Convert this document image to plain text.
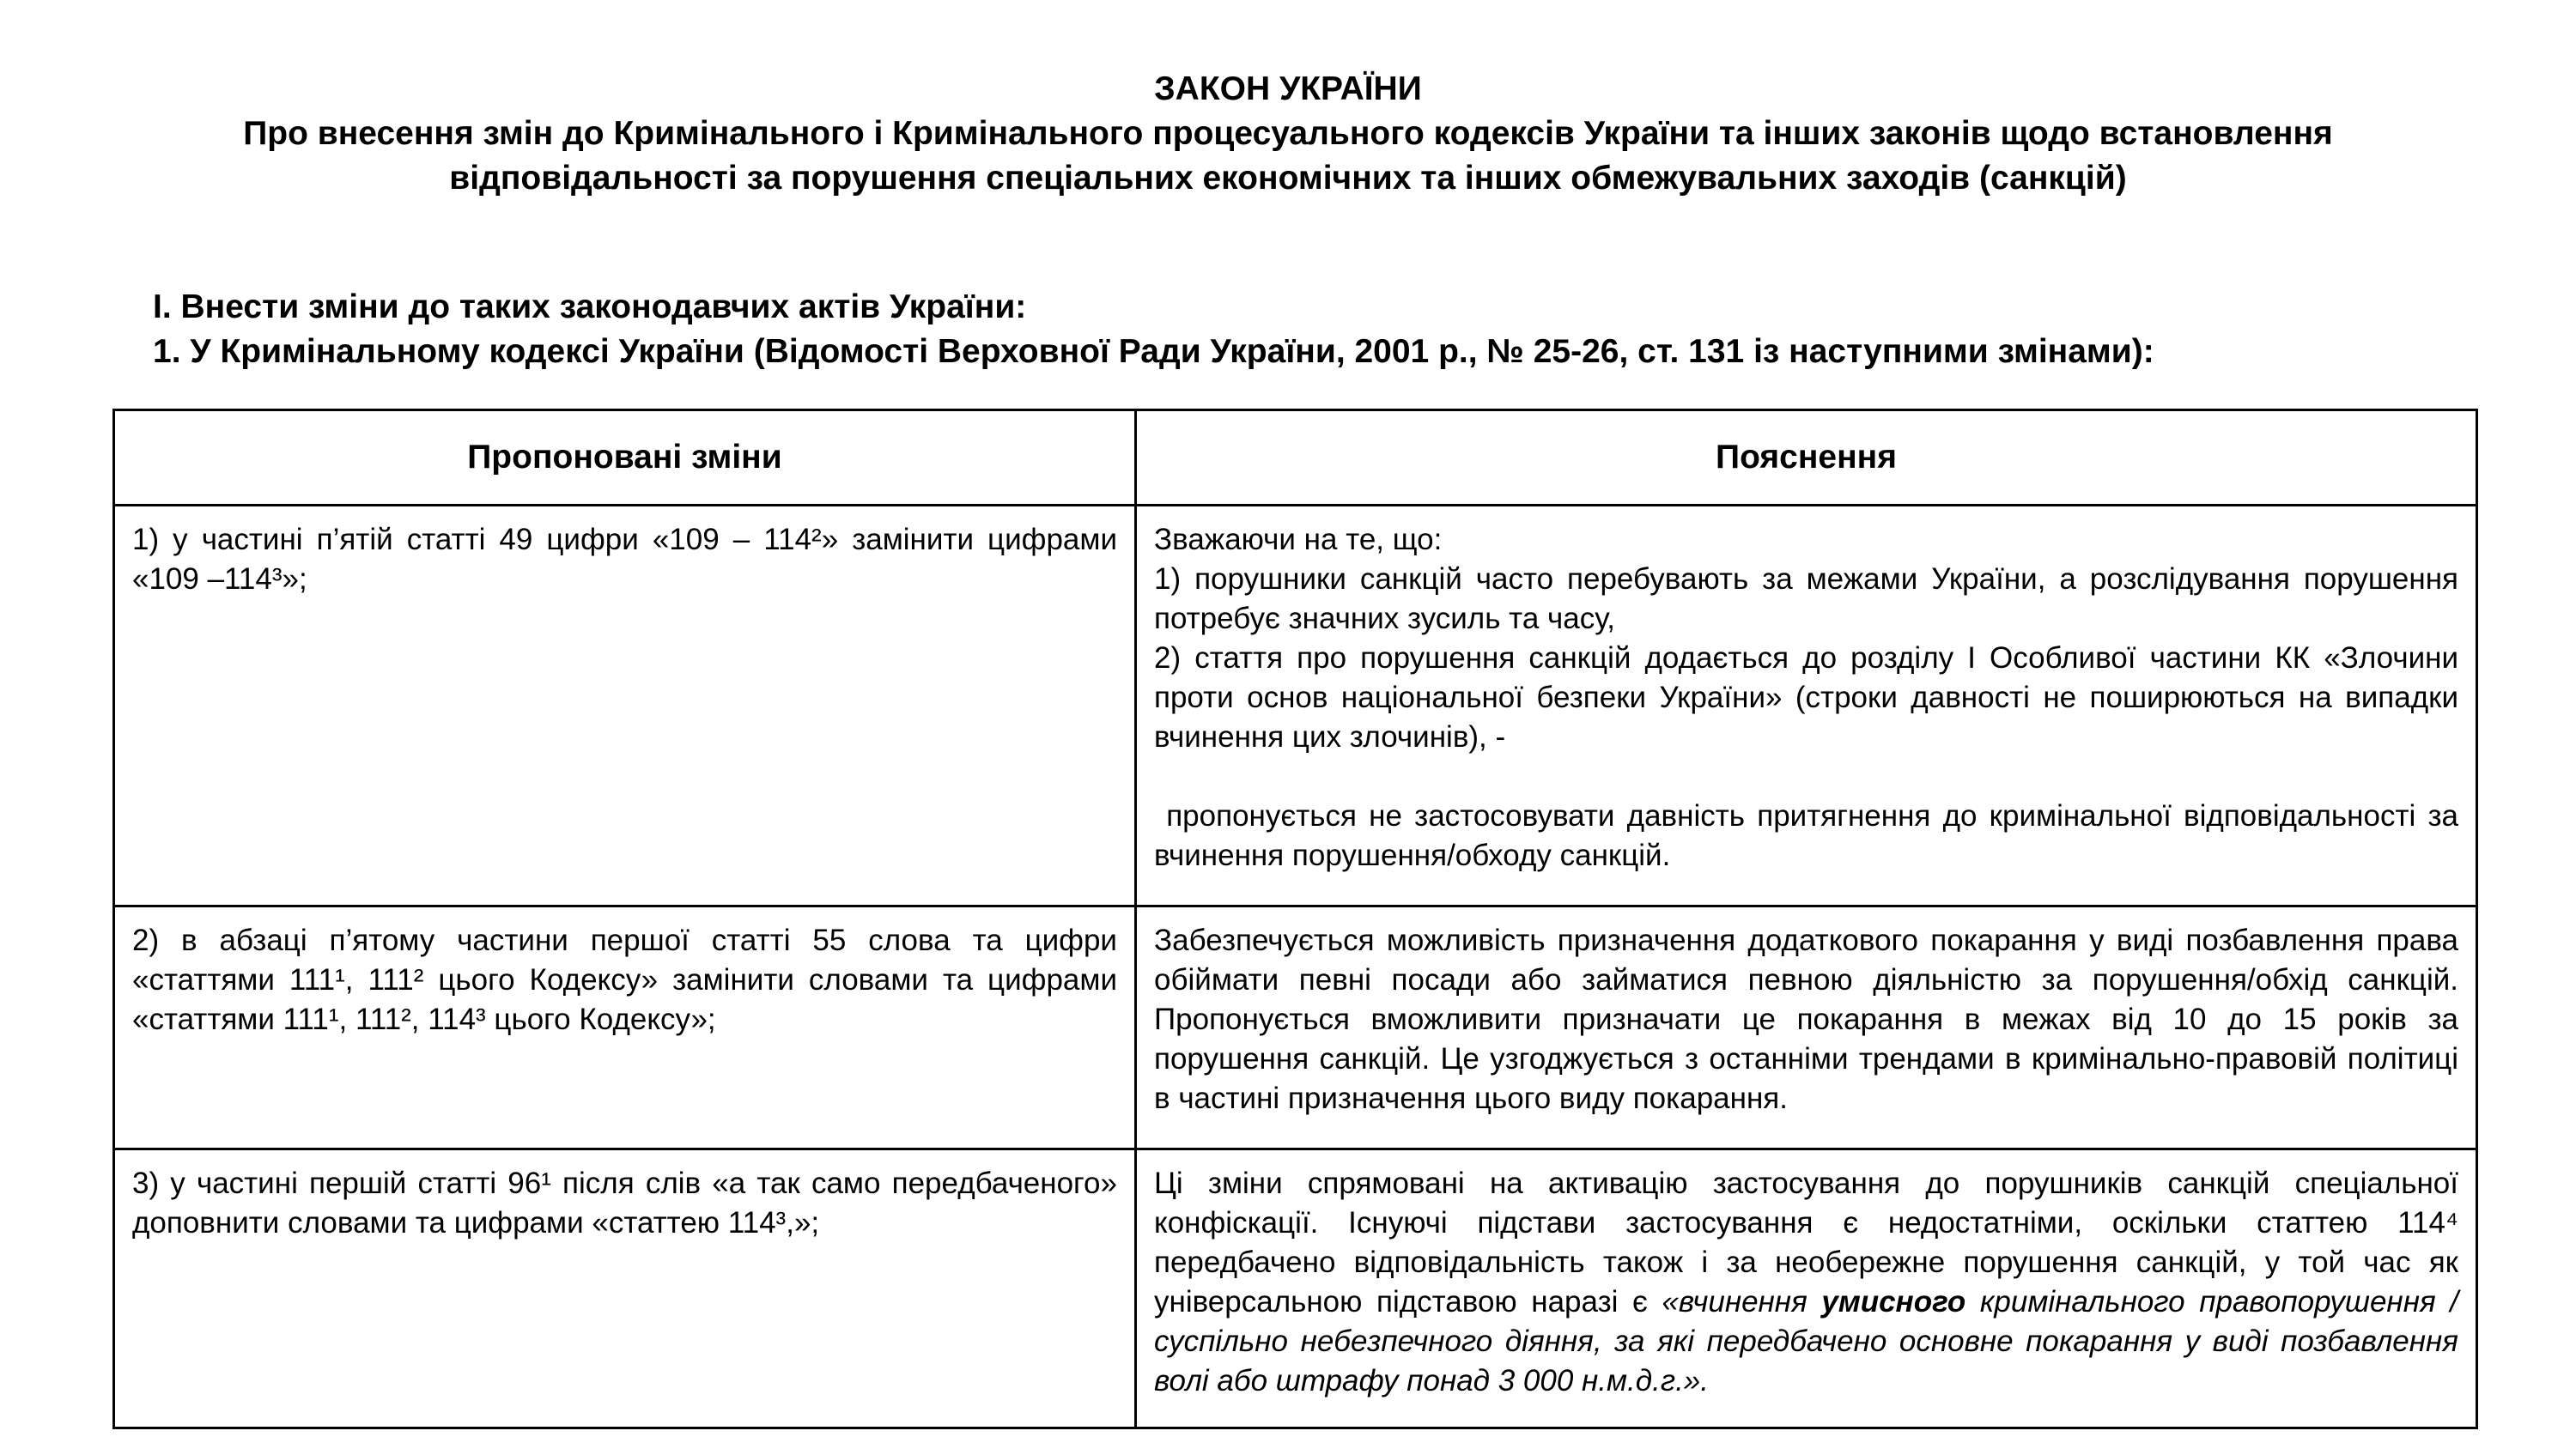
ЗАКОН УКРАЇНИ
Про внесення змін до Кримінального і Кримінального процесуального кодексів України та інших законів щодо встановлення
відповідальності за порушення спеціальних економічних та інших обмежувальних заходів (санкцій)
І. Внести зміни до таких законодавчих актів України:
1. У Кримінальному кодексі України (Відомості Верховної Ради України, 2001 р., № 25-26, ст. 131 із наступними змінами):
Пропоновані зміни	Пояснення

1) у частині п’ятій статті 49 цифри «109 – 114²» замінити цифрами «109 –114³»;	Зважаючи на те, що:
1) порушники санкцій часто перебувають за межами України, а розслідування порушення потребує значних зусиль та часу,
2) стаття про порушення санкцій додається до розділу І Особливої частини КК «Злочини проти основ національної безпеки України» (строки давності не поширюються на випадки вчинення цих злочинів), -
пропонується не застосовувати давність притягнення до кримінальної відповідальності за вчинення порушення/обходу санкцій.

2) в абзаці п’ятому частини першої статті 55 слова та цифри «статтями 111¹, 111² цього Кодексу» замінити словами та цифрами «статтями 111¹, 111², 114³ цього Кодексу»;	Забезпечується можливість призначення додаткового покарання у виді позбавлення права обіймати певні посади або займатися певною діяльністю за порушення/обхід санкцій. Пропонується вможливити призначати це покарання в межах від 10 до 15 років за порушення санкцій. Це узгоджується з останніми трендами в кримінально-правовій політиці в частині призначення цього виду покарання.

3) у частині першій статті 96¹ після слів «а так само передбаченого» доповнити словами та цифрами «статтею 114³,»;	Ці зміни спрямовані на активацію застосування до порушників санкцій спеціальної конфіскації. Існуючі підстави застосування є недостатніми, оскільки статтею 114⁴ передбачено відповідальність також і за необережне порушення санкцій, у той час як універсальною підставою наразі є «вчинення умисного кримінального правопорушення / суспільно небезпечного діяння, за які передбачено основне покарання у виді позбавлення волі або штрафу понад 3 000 н.м.д.г.».
